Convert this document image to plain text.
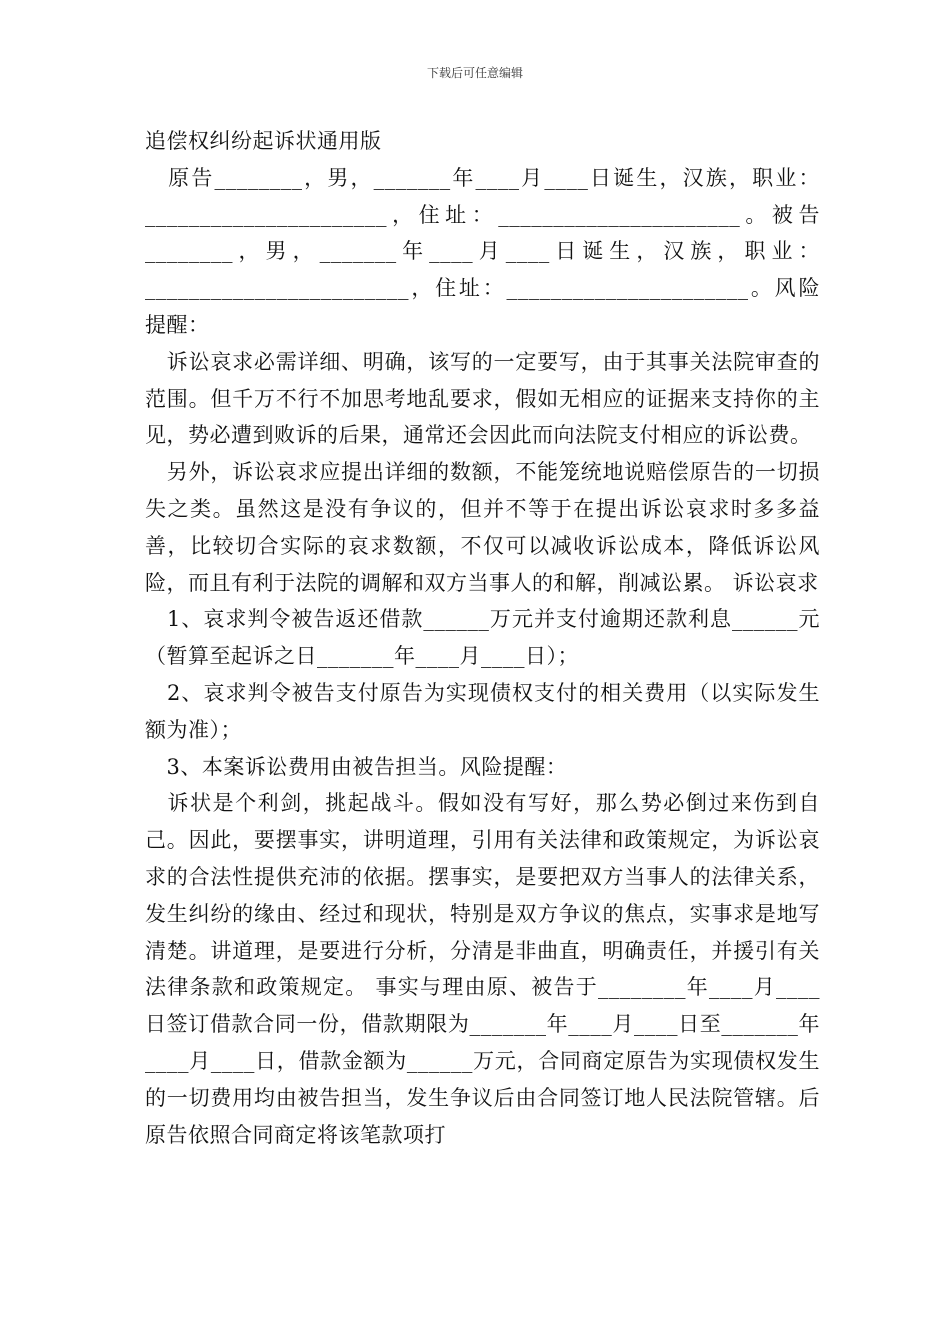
下载后可任意编辑

追偿权纠纷起诉状通用版

　原告________，男，_______年____月____日诞生，汉族，职业：______________________，住址：______________________。被告________，男，_______年____月____日诞生，汉族，职业：________________________，住址：______________________。风险提醒：

　诉讼哀求必需详细、明确，该写的一定要写，由于其事关法院审查的范围。但千万不行不加思考地乱要求，假如无相应的证据来支持你的主见，势必遭到败诉的后果，通常还会因此而向法院支付相应的诉讼费。

　另外，诉讼哀求应提出详细的数额，不能笼统地说赔偿原告的一切损失之类。虽然这是没有争议的，但并不等于在提出诉讼哀求时多多益善，比较切合实际的哀求数额，不仅可以减收诉讼成本，降低诉讼风险，而且有利于法院的调解和双方当事人的和解，削减讼累。 诉讼哀求

　1、哀求判令被告返还借款______万元并支付逾期还款利息______元（暂算至起诉之日_______年____月____日）；

　2、哀求判令被告支付原告为实现债权支付的相关费用（以实际发生额为准）；

　3、本案诉讼费用由被告担当。风险提醒：

　诉状是个利剑，挑起战斗。假如没有写好，那么势必倒过来伤到自己。因此，要摆事实，讲明道理，引用有关法律和政策规定，为诉讼哀求的合法性提供充沛的依据。摆事实，是要把双方当事人的法律关系，发生纠纷的缘由、经过和现状，特别是双方争议的焦点，实事求是地写清楚。讲道理，是要进行分析，分清是非曲直，明确责任，并援引有关法律条款和政策规定。 事实与理由原、被告于________年____月____日签订借款合同一份，借款期限为_______年____月____日至_______年____月____日，借款金额为______万元，合同商定原告为实现债权发生的一切费用均由被告担当，发生争议后由合同签订地人民法院管辖。后原告依照合同商定将该笔款项打
